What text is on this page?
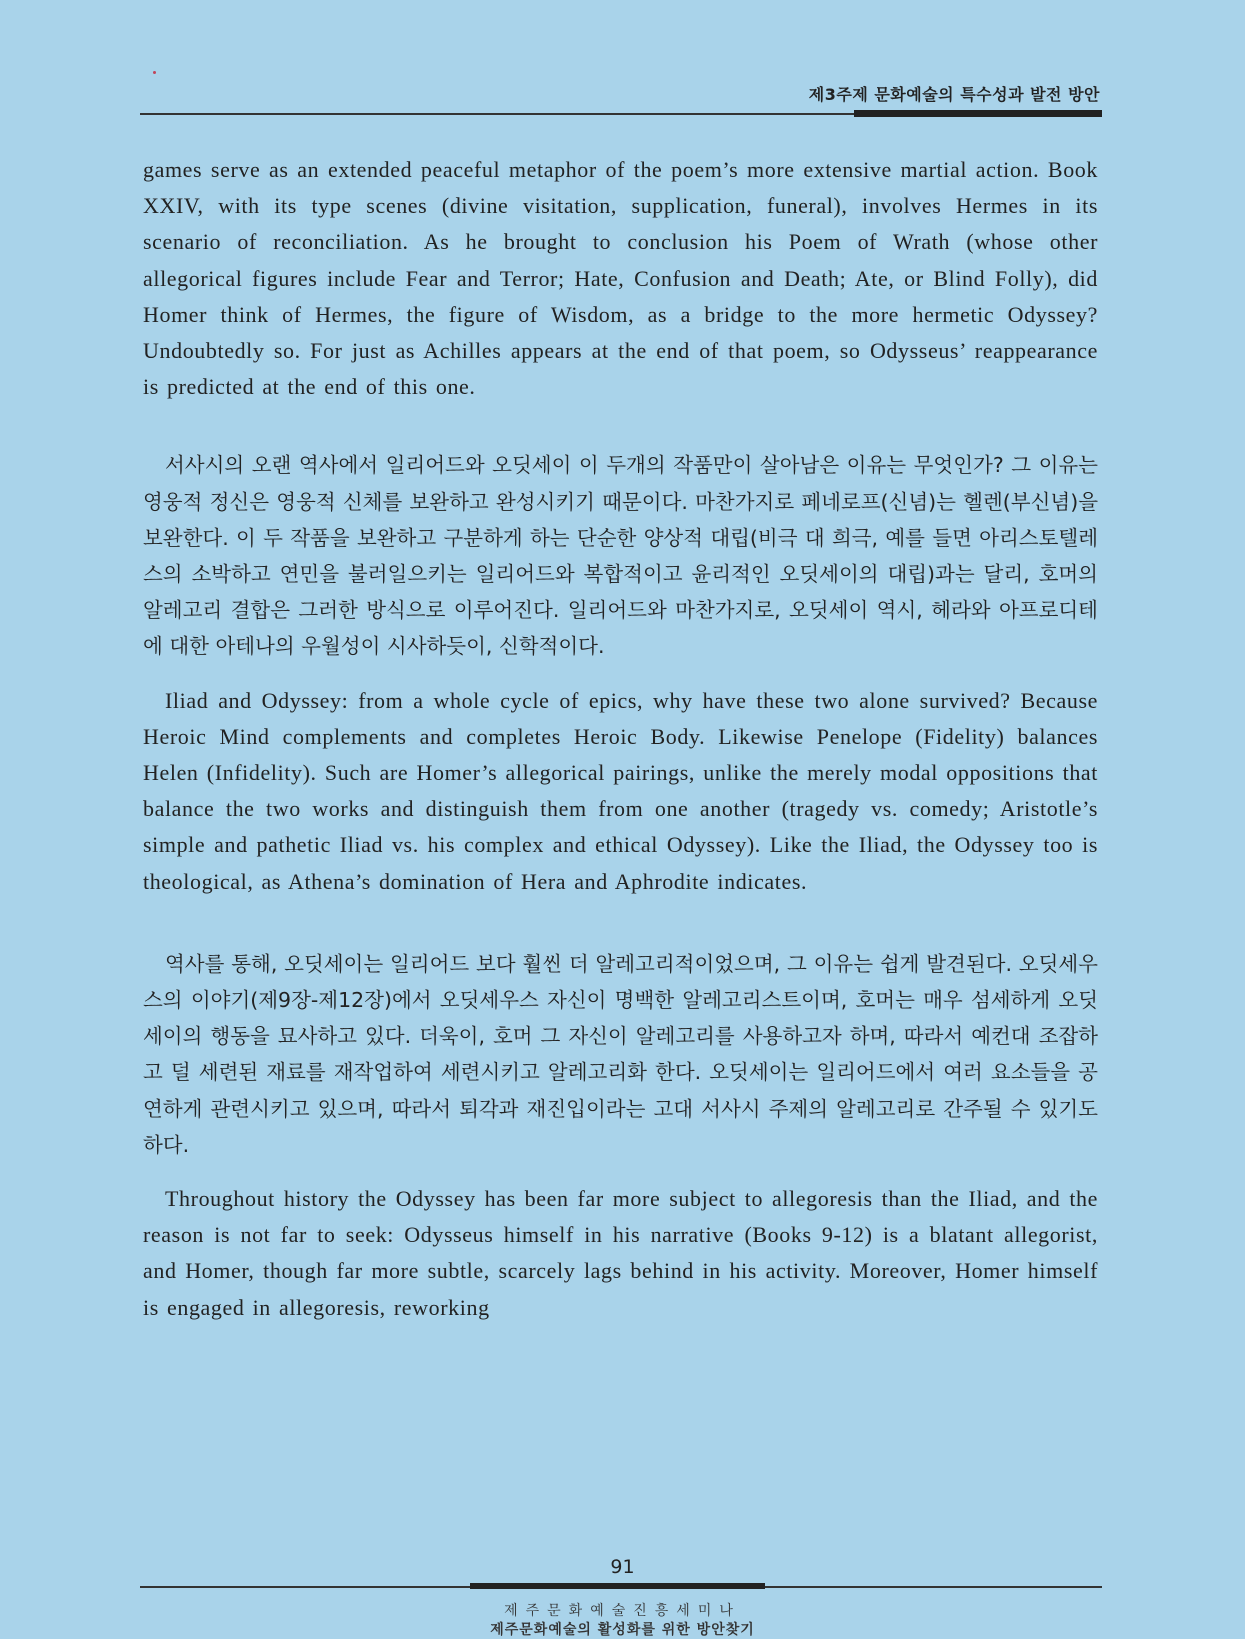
제3주제 문화예술의 특수성과 발전 방안

games serve as an extended peaceful metaphor of the poem’s more extensive martial action. Book XXIV, with its type scenes (divine visitation, supplication, funeral), involves Hermes in its scenario of reconciliation. As he brought to conclusion his Poem of Wrath (whose other allegorical figures include Fear and Terror; Hate, Confusion and Death; Ate, or Blind Folly), did Homer think of Hermes, the figure of Wisdom, as a bridge to the more hermetic Odyssey? Undoubtedly so. For just as Achilles appears at the end of that poem, so Odysseus’ reappearance is predicted at the end of this one.

서사시의 오랜 역사에서 일리어드와 오딧세이 이 두개의 작품만이 살아남은 이유는 무엇인가? 그 이유는 영웅적 정신은 영웅적 신체를 보완하고 완성시키기 때문이다. 마찬가지로 페네로프(신념)는 헬렌(부신념)을 보완한다. 이 두 작품을 보완하고 구분하게 하는 단순한 양상적 대립(비극 대 희극, 예를 들면 아리스토텔레스의 소박하고 연민을 불러일으키는 일리어드와 복합적이고 윤리적인 오딧세이의 대립)과는 달리, 호머의 알레고리 결합은 그러한 방식으로 이루어진다. 일리어드와 마찬가지로, 오딧세이 역시, 헤라와 아프로디테에 대한 아테나의 우월성이 시사하듯이, 신학적이다.

Iliad and Odyssey: from a whole cycle of epics, why have these two alone survived? Because Heroic Mind complements and completes Heroic Body. Likewise Penelope (Fidelity) balances Helen (Infidelity). Such are Homer’s allegorical pairings, unlike the merely modal oppositions that balance the two works and distinguish them from one another (tragedy vs. comedy; Aristotle’s simple and pathetic Iliad vs. his complex and ethical Odyssey). Like the Iliad, the Odyssey too is theological, as Athena’s domination of Hera and Aphrodite indicates.

역사를 통해, 오딧세이는 일리어드 보다 훨씬 더 알레고리적이었으며, 그 이유는 쉽게 발견된다. 오딧세우스의 이야기(제9장-제12장)에서 오딧세우스 자신이 명백한 알레고리스트이며, 호머는 매우 섬세하게 오딧세이의 행동을 묘사하고 있다. 더욱이, 호머 그 자신이 알레고리를 사용하고자 하며, 따라서 예컨대 조잡하고 덜 세련된 재료를 재작업하여 세련시키고 알레고리화 한다. 오딧세이는 일리어드에서 여러 요소들을 공연하게 관련시키고 있으며, 따라서 퇴각과 재진입이라는 고대 서사시 주제의 알레고리로 간주될 수 있기도 하다.

Throughout history the Odyssey has been far more subject to allegoresis than the Iliad, and the reason is not far to seek: Odysseus himself in his narrative (Books 9-12) is a blatant allegorist, and Homer, though far more subtle, scarcely lags behind in his activity. Moreover, Homer himself is engaged in allegoresis, reworking

91
제주문화예술진흥세미나
제주문화예술의 활성화를 위한 방안찾기
